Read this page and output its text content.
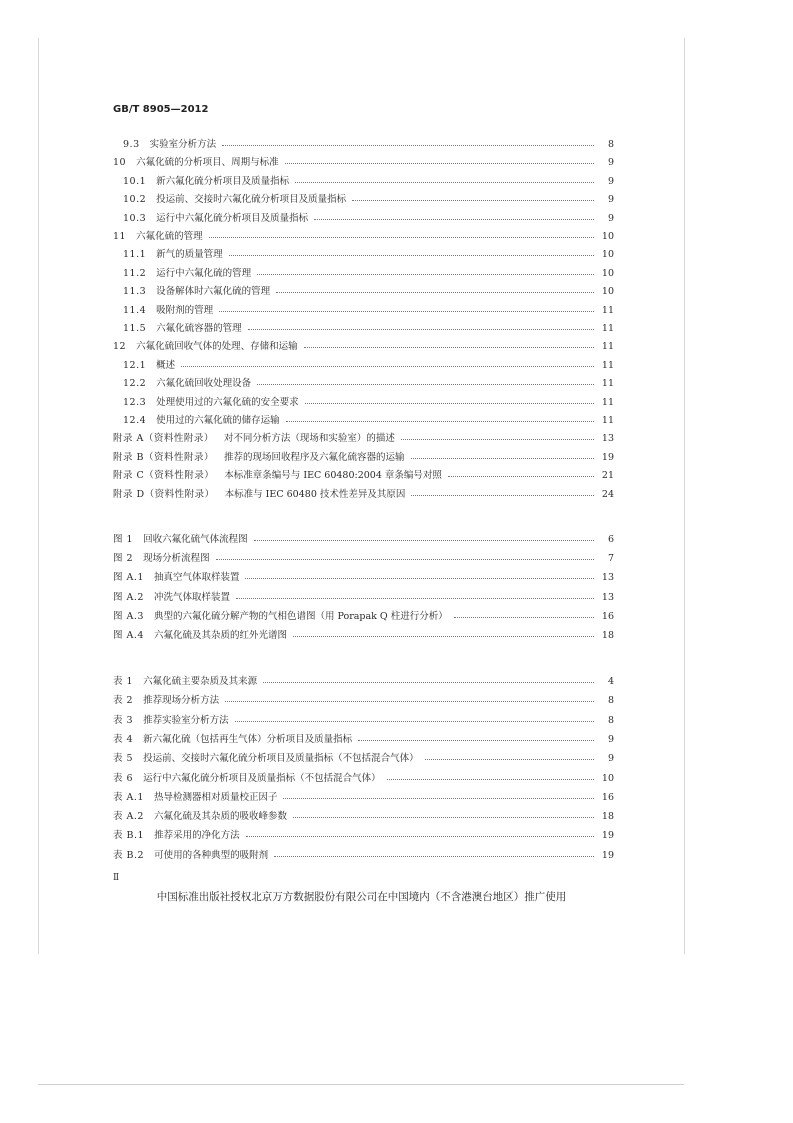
GB/T 8905—2012
9.3 实验室分析方法	8
10 六氟化硫的分析项目、周期与标准	9
10.1 新六氟化硫分析项目及质量指标	9
10.2 投运前、交接时六氟化硫分析项目及质量指标	9
10.3 运行中六氟化硫分析项目及质量指标	9
11 六氟化硫的管理	10
11.1 新气的质量管理	10
11.2 运行中六氟化硫的管理	10
11.3 设备解体时六氟化硫的管理	10
11.4 吸附剂的管理	11
11.5 六氟化硫容器的管理	11
12 六氟化硫回收气体的处理、存储和运输	11
12.1 概述	11
12.2 六氟化硫回收处理设备	11
12.3 处理使用过的六氟化硫的安全要求	11
12.4 使用过的六氟化硫的储存运输	11
附录 A（资料性附录） 对不同分析方法（现场和实验室）的描述	13
附录 B（资料性附录） 推荐的现场回收程序及六氟化硫容器的运输	19
附录 C（资料性附录） 本标准章条编号与 IEC 60480:2004 章条编号对照	21
附录 D（资料性附录） 本标准与 IEC 60480 技术性差异及其原因	24
图 1 回收六氟化硫气体流程图	6
图 2 现场分析流程图	7
图 A.1 抽真空气体取样装置	13
图 A.2 冲洗气体取样装置	13
图 A.3 典型的六氟化硫分解产物的气相色谱图（用 Porapak Q 柱进行分析）	16
图 A.4 六氟化硫及其杂质的红外光谱图	18
表 1 六氟化硫主要杂质及其来源	4
表 2 推荐现场分析方法	8
表 3 推荐实验室分析方法	8
表 4 新六氟化硫（包括再生气体）分析项目及质量指标	9
表 5 投运前、交接时六氟化硫分析项目及质量指标（不包括混合气体）	9
表 6 运行中六氟化硫分析项目及质量指标（不包括混合气体）	10
表 A.1 热导检测器相对质量校正因子	16
表 A.2 六氟化硫及其杂质的吸收峰参数	18
表 B.1 推荐采用的净化方法	19
表 B.2 可使用的各种典型的吸附剂	19
Ⅱ
中国标准出版社授权北京万方数据股份有限公司在中国境内（不含港澳台地区）推广使用
